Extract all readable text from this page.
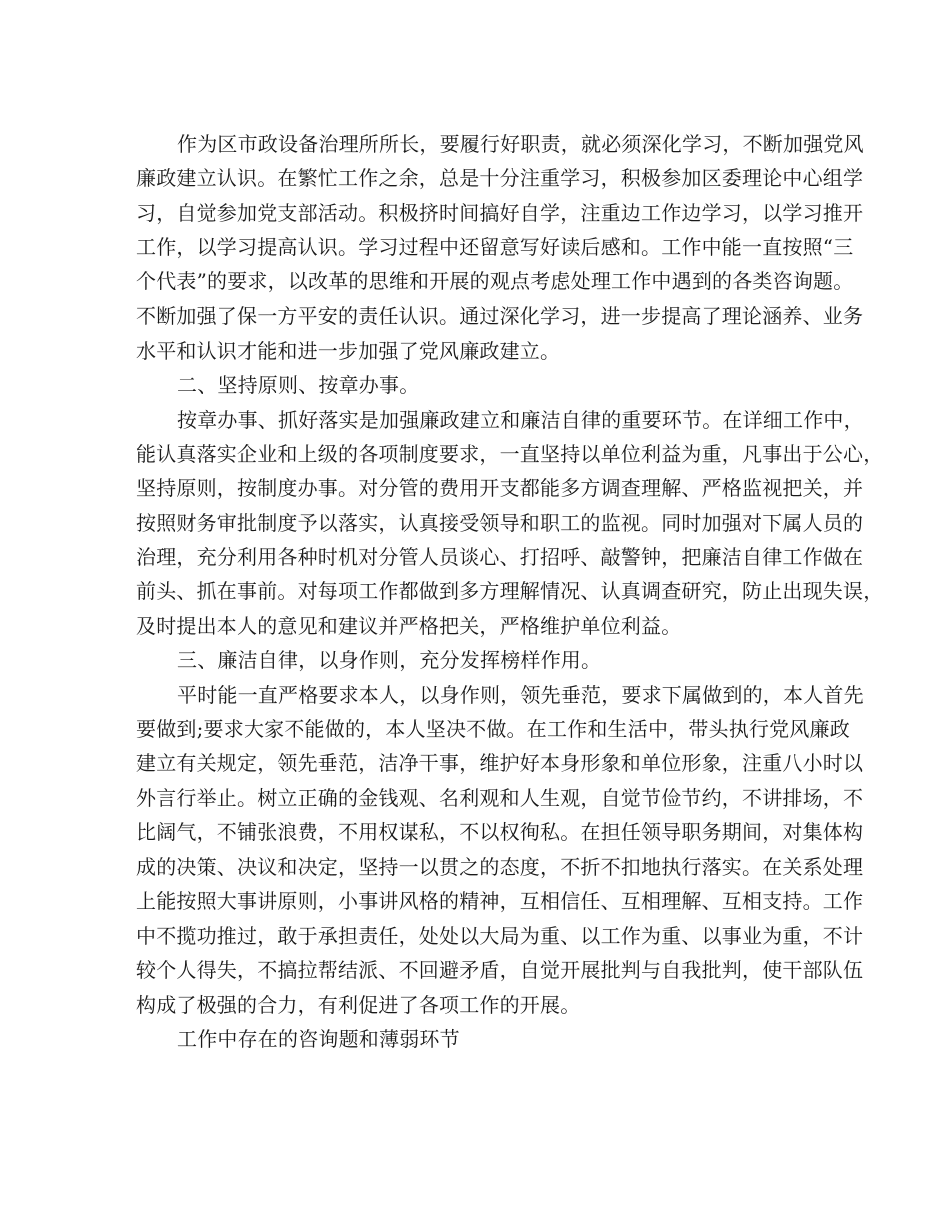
作为区市政设备治理所所长，要履行好职责，就必须深化学习，不断加强党风
廉政建立认识。在繁忙工作之余，总是十分注重学习，积极参加区委理论中心组学
习，自觉参加党支部活动。积极挤时间搞好自学，注重边工作边学习，以学习推开
工作，以学习提高认识。学习过程中还留意写好读后感和。工作中能一直按照“三
个代表”的要求，以改革的思维和开展的观点考虑处理工作中遇到的各类咨询题。
不断加强了保一方平安的责任认识。通过深化学习，进一步提高了理论涵养、业务
水平和认识才能和进一步加强了党风廉政建立。
二、坚持原则、按章办事。
按章办事、抓好落实是加强廉政建立和廉洁自律的重要环节。在详细工作中，
能认真落实企业和上级的各项制度要求，一直坚持以单位利益为重，凡事出于公心，
坚持原则，按制度办事。对分管的费用开支都能多方调查理解、严格监视把关，并
按照财务审批制度予以落实，认真接受领导和职工的监视。同时加强对下属人员的
治理，充分利用各种时机对分管人员谈心、打招呼、敲警钟，把廉洁自律工作做在
前头、抓在事前。对每项工作都做到多方理解情况、认真调查研究，防止出现失误，
及时提出本人的意见和建议并严格把关，严格维护单位利益。
三、廉洁自律，以身作则，充分发挥榜样作用。
平时能一直严格要求本人，以身作则，领先垂范，要求下属做到的，本人首先
要做到;要求大家不能做的，本人坚决不做。在工作和生活中，带头执行党风廉政
建立有关规定，领先垂范，洁净干事，维护好本身形象和单位形象，注重八小时以
外言行举止。树立正确的金钱观、名利观和人生观，自觉节俭节约，不讲排场，不
比阔气，不铺张浪费，不用权谋私，不以权徇私。在担任领导职务期间，对集体构
成的决策、决议和决定，坚持一以贯之的态度，不折不扣地执行落实。在关系处理
上能按照大事讲原则，小事讲风格的精神，互相信任、互相理解、互相支持。工作
中不揽功推过，敢于承担责任，处处以大局为重、以工作为重、以事业为重，不计
较个人得失，不搞拉帮结派、不回避矛盾，自觉开展批判与自我批判，使干部队伍
构成了极强的合力，有利促进了各项工作的开展。
工作中存在的咨询题和薄弱环节
